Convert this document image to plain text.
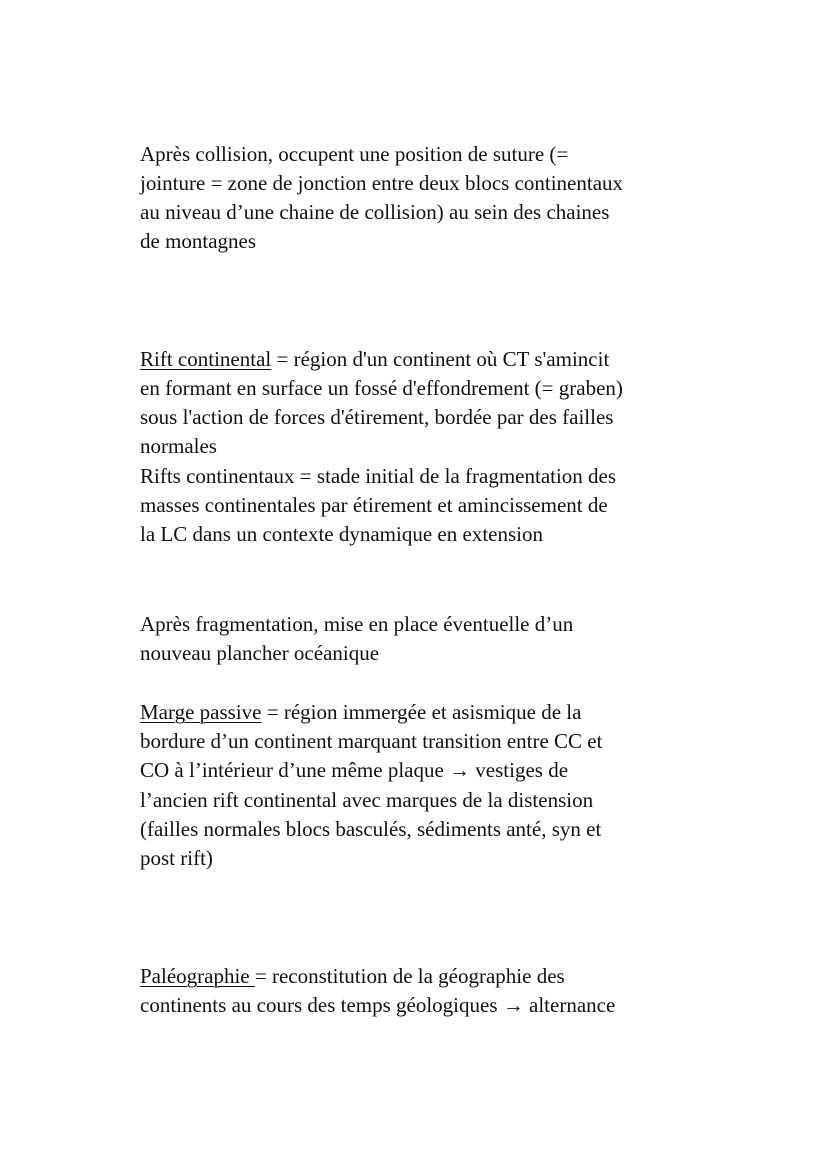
Après collision, occupent une position de suture (=
jointure = zone de jonction entre deux blocs continentaux
au niveau d’une chaine de collision) au sein des chaines
de montagnes
Rift continental = région d'un continent où CT s'amincit
en formant en surface un fossé d'effondrement (= graben)
sous l'action de forces d'étirement, bordée par des failles
normales
Rifts continentaux = stade initial de la fragmentation des
masses continentales par étirement et amincissement de
la LC dans un contexte dynamique en extension
Après fragmentation, mise en place éventuelle d’un
nouveau plancher océanique
Marge passive = région immergée et asismique de la
bordure d’un continent marquant transition entre CC et
CO à l’intérieur d’une même plaque → vestiges de
l’ancien rift continental avec marques de la distension
(failles normales blocs basculés, sédiments anté, syn et
post rift)
Paléographie = reconstitution de la géographie des
continents au cours des temps géologiques → alternance
